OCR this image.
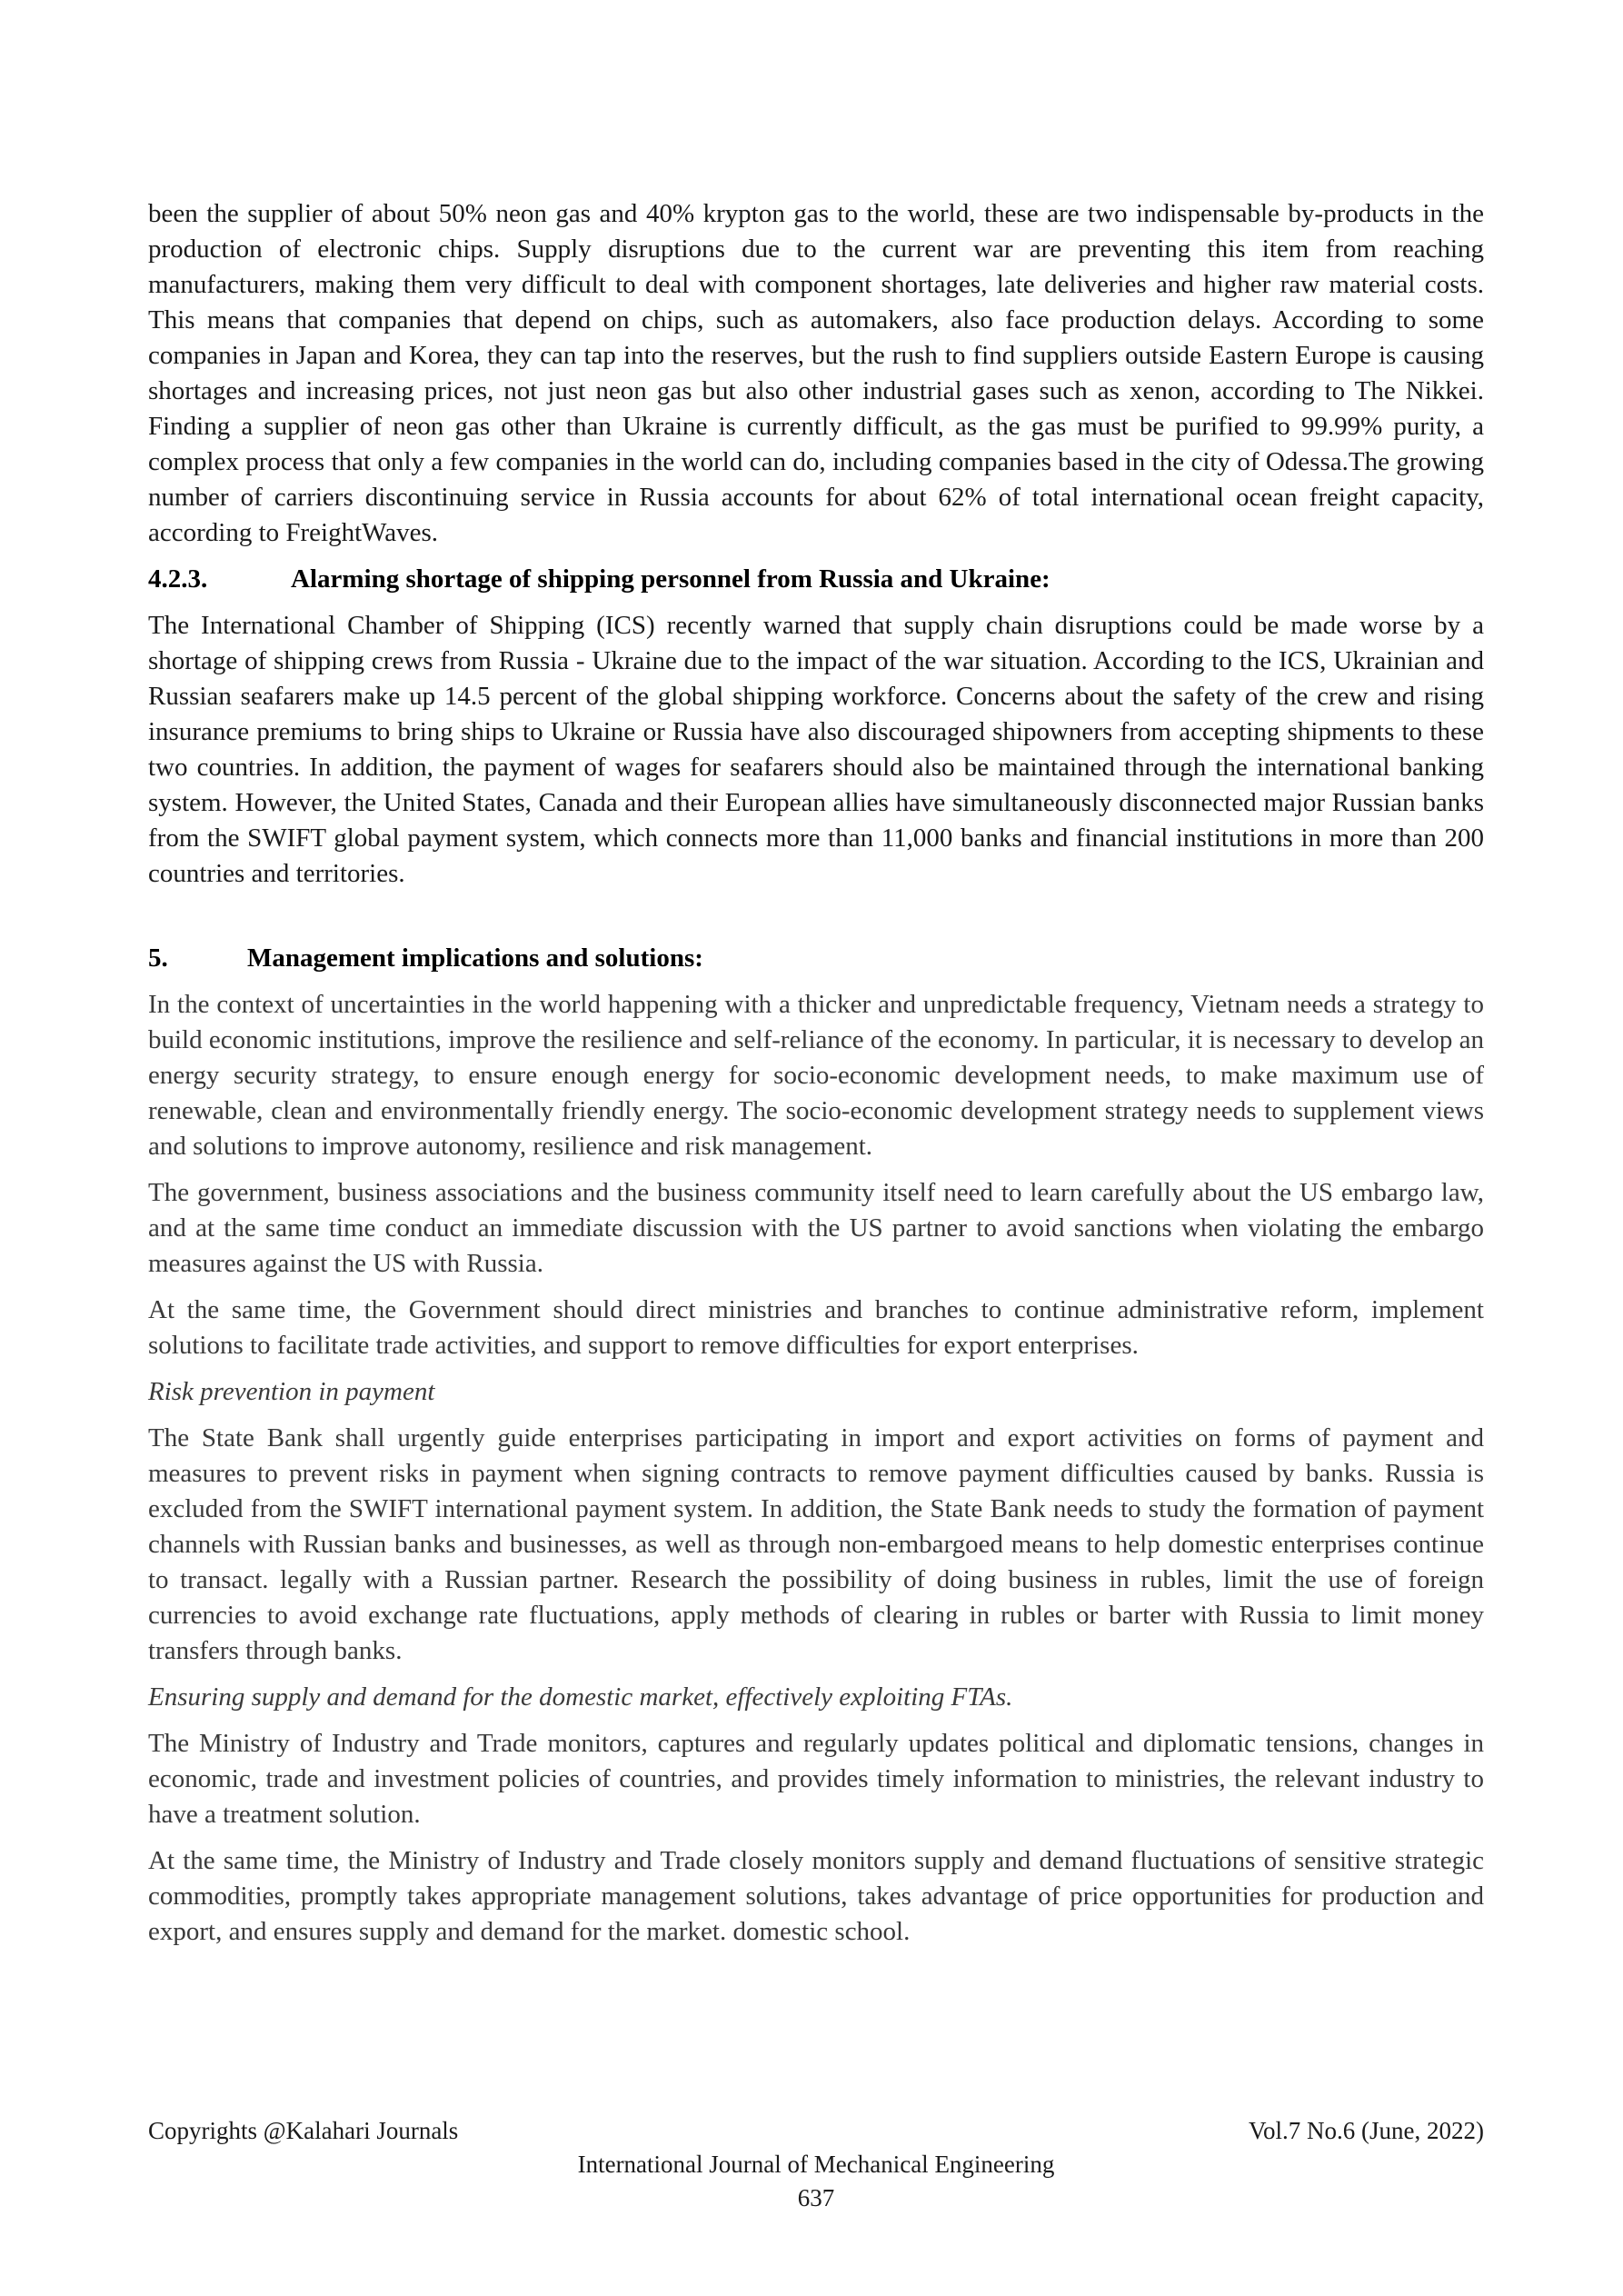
been the supplier of about 50% neon gas and 40% krypton gas to the world, these are two indispensable by-products in the production of electronic chips. Supply disruptions due to the current war are preventing this item from reaching manufacturers, making them very difficult to deal with component shortages, late deliveries and higher raw material costs. This means that companies that depend on chips, such as automakers, also face production delays. According to some companies in Japan and Korea, they can tap into the reserves, but the rush to find suppliers outside Eastern Europe is causing shortages and increasing prices, not just neon gas but also other industrial gases such as xenon, according to The Nikkei. Finding a supplier of neon gas other than Ukraine is currently difficult, as the gas must be purified to 99.99% purity, a complex process that only a few companies in the world can do, including companies based in the city of Odessa.The growing number of carriers discontinuing service in Russia accounts for about 62% of total international ocean freight capacity, according to FreightWaves.

4.2.3.	Alarming shortage of shipping personnel from Russia and Ukraine:

The International Chamber of Shipping (ICS) recently warned that supply chain disruptions could be made worse by a shortage of shipping crews from Russia - Ukraine due to the impact of the war situation. According to the ICS, Ukrainian and Russian seafarers make up 14.5 percent of the global shipping workforce. Concerns about the safety of the crew and rising insurance premiums to bring ships to Ukraine or Russia have also discouraged shipowners from accepting shipments to these two countries. In addition, the payment of wages for seafarers should also be maintained through the international banking system. However, the United States, Canada and their European allies have simultaneously disconnected major Russian banks from the SWIFT global payment system, which connects more than 11,000 banks and financial institutions in more than 200 countries and territories.

5.	Management implications and solutions:

In the context of uncertainties in the world happening with a thicker and unpredictable frequency, Vietnam needs a strategy to build economic institutions, improve the resilience and self-reliance of the economy. In particular, it is necessary to develop an energy security strategy, to ensure enough energy for socio-economic development needs, to make maximum use of renewable, clean and environmentally friendly energy. The socio-economic development strategy needs to supplement views and solutions to improve autonomy, resilience and risk management.

The government, business associations and the business community itself need to learn carefully about the US embargo law, and at the same time conduct an immediate discussion with the US partner to avoid sanctions when violating the embargo measures against the US with Russia.

At the same time, the Government should direct ministries and branches to continue administrative reform, implement solutions to facilitate trade activities, and support to remove difficulties for export enterprises.

Risk prevention in payment

The State Bank shall urgently guide enterprises participating in import and export activities on forms of payment and measures to prevent risks in payment when signing contracts to remove payment difficulties caused by banks. Russia is excluded from the SWIFT international payment system. In addition, the State Bank needs to study the formation of payment channels with Russian banks and businesses, as well as through non-embargoed means to help domestic enterprises continue to transact. legally with a Russian partner. Research the possibility of doing business in rubles, limit the use of foreign currencies to avoid exchange rate fluctuations, apply methods of clearing in rubles or barter with Russia to limit money transfers through banks.

Ensuring supply and demand for the domestic market, effectively exploiting FTAs.

The Ministry of Industry and Trade monitors, captures and regularly updates political and diplomatic tensions, changes in economic, trade and investment policies of countries, and provides timely information to ministries, the relevant industry to have a treatment solution.

At the same time, the Ministry of Industry and Trade closely monitors supply and demand fluctuations of sensitive strategic commodities, promptly takes appropriate management solutions, takes advantage of price opportunities for production and export, and ensures supply and demand for the market. domestic school.

Copyrights @Kalahari Journals	Vol.7 No.6 (June, 2022)
International Journal of Mechanical Engineering
637
